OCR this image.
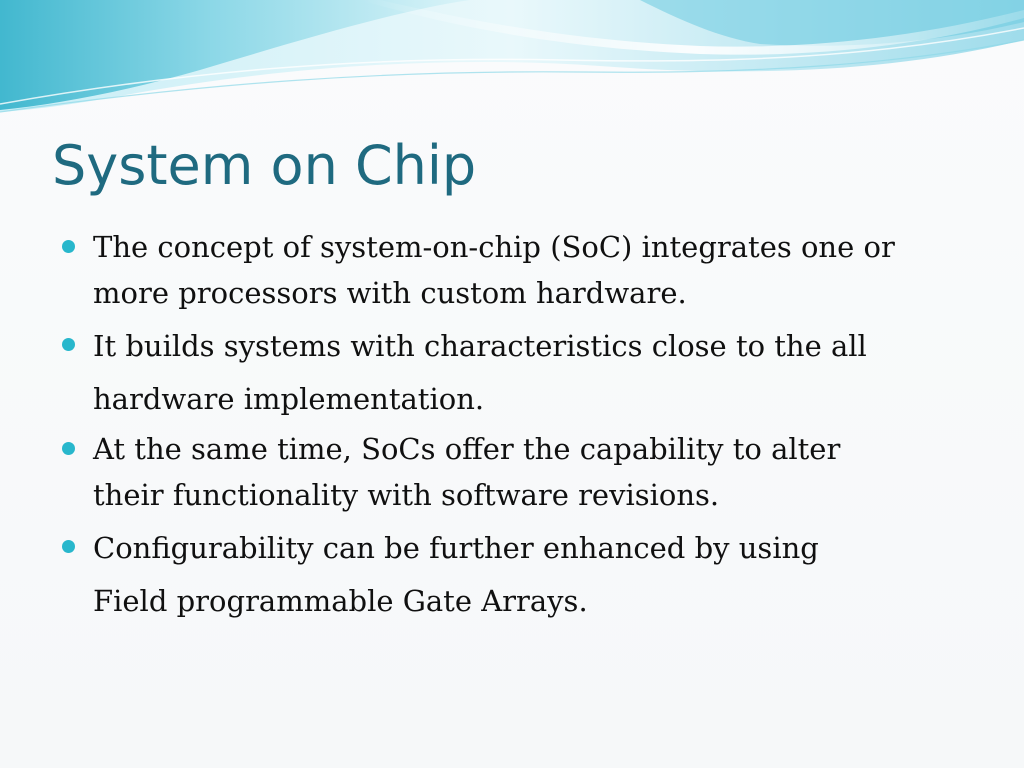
System on Chip
The concept of system-on-chip (SoC) integrates one or
more processors with custom hardware.
It builds systems with characteristics close to the all
hardware implementation.
At the same time, SoCs offer the capability to alter
their functionality with software revisions.
Configurability can be further enhanced by using
Field programmable Gate Arrays.
